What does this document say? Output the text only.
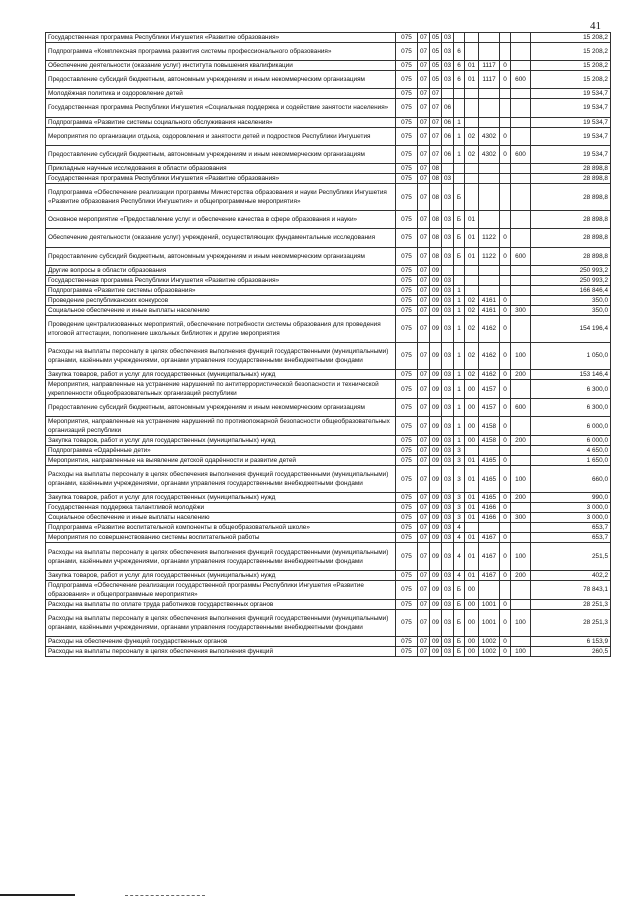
41
Государственная программа Республики Ингушетия «Развитие образования»	075	07	05	03						15 208,2
Подпрограмма «Комплексная программа развития системы профессионального образования»	075	07	05	03	6					15 208,2
Обеспечение деятельности (оказание услуг) институтa повышения квалификации	075	07	05	03	6	01	1117	0		15 208,2
Предоставление субсидий бюджетным, автономным учреждениям и иным некоммерческим организациям	075	07	05	03	6	01	1117	0	600	15 208,2
Молодёжная политика и оздоровление детей	075	07	07							19 534,7
Государственная программа Республики Ингушетия «Социальная поддержка и содействие занятости населения»	075	07	07	06						19 534,7
Подпрограмма «Развитие системы социального обслуживания населения»	075	07	07	06	1					19 534,7
Мероприятия по организации отдыха, оздоровления и занятости детей и подростков Республики Ингушетия	075	07	07	06	1	02	4302	0		19 534,7
Предоставление субсидий бюджетным, автономным учреждениям и иным некоммерческим организациям	075	07	07	06	1	02	4302	0	600	19 534,7
Прикладные научные исследования в области образования	075	07	08							28 898,8
Государственная программа Республики Ингушетия «Развитие образования»	075	07	08	03						28 898,8
Подпрограмма «Обеспечение реализации программы Министерства образования и науки Республики Ингушетия «Развитие образования Республики Ингушетия» и общепрограммные мероприятия»	075	07	08	03	Б					28 898,8
Основное мероприятие «Предоставление услуг и обеспечение качества в сфере образования и науки»	075	07	08	03	Б	01				28 898,8
Обеспечение деятельности (оказание услуг) учреждений, осуществляющих фундаментальные исследования	075	07	08	03	Б	01	1122	0		28 898,8
Предоставление субсидий бюджетным, автономным учреждениям и иным некоммерческим организациям	075	07	08	03	Б	01	1122	0	600	28 898,8
Другие вопросы в области образования	075	07	09							250 993,2
Государственная программа Республики Ингушетия «Развитие образования»	075	07	09	03						250 993,2
Подпрограмма «Развитие системы образования»	075	07	09	03	1					166 846,4
Проведение республиканских конкурсов	075	07	09	03	1	02	4161	0		350,0
Социальное обеспечение и иные выплаты населению	075	07	09	03	1	02	4161	0	300	350,0
Проведение централизованных мероприятий, обеспечение потребности системы образования для проведения итоговой аттестации, пополнение школьных библиотек и другие мероприятия	075	07	09	03	1	02	4162	0		154 196,4
Расходы на выплаты персоналу в целях обеспечения выполнения функций государственными (муниципальными) органами, казёнными учреждениями, органами управления государственными внебюджетными фондами	075	07	09	03	1	02	4162	0	100	1 050,0
Закупка товаров, работ и услуг для государственных (муниципальных) нужд	075	07	09	03	1	02	4162	0	200	153 146,4
Мероприятия, направленные на устранение нарушений по антитеррористической безопасности и технической укрепленности общеобразовательных организаций республики	075	07	09	03	1	00	4157	0		6 300,0
Предоставление субсидий бюджетным, автономным учреждениям и иным некоммерческим организациям	075	07	09	03	1	00	4157	0	600	6 300,0
Мероприятия, направленные на устранение нарушений по противопожарной безопасности общеобразовательных организаций республики	075	07	09	03	1	00	4158	0		6 000,0
Закупка товаров, работ и услуг для государственных (муниципальных) нужд	075	07	09	03	1	00	4158	0	200	6 000,0
Подпрограмма «Одарённые дети»	075	07	09	03	3					4 650,0
Мероприятия, направленные на выявление детской одарённости и развитие детей	075	07	09	03	3	01	4165	0		1 650,0
Расходы на выплаты персоналу в целях обеспечения выполнения функций государственными (муниципальными) органами, казёнными учреждениями, органами управления государственными внебюджетными фондами	075	07	09	03	3	01	4165	0	100	660,0
Закупка товаров, работ и услуг для государственных (муниципальных) нужд	075	07	09	03	3	01	4165	0	200	990,0
Государственная поддержка талантливой молодёжи	075	07	09	03	3	01	4166	0		3 000,0
Социальное обеспечение и иные выплаты населению	075	07	09	03	3	01	4166	0	300	3 000,0
Подпрограмма «Развитие воспитательной компоненты в общеобразовательной школе»	075	07	09	03	4					653,7
Мероприятия по совершенствованию системы воспитательной работы	075	07	09	03	4	01	4167	0		653,7
Расходы на выплаты персоналу в целях обеспечения выполнения функций государственными (муниципальными) органами, казёнными учреждениями, органами управления государственными внебюджетными фондами	075	07	09	03	4	01	4167	0	100	251,5
Закупка товаров, работ и услуг для государственных (муниципальных) нужд	075	07	09	03	4	01	4167	0	200	402,2
Подпрограмма «Обеспечение реализации государственной программы Республики Ингушетия «Развитие образования» и общепрограммные мероприятия»	075	07	09	03	Б	00				78 843,1
Расходы на выплаты по оплате труда работников государственных органов	075	07	09	03	Б	00	1001	0		28 251,3
Расходы на выплаты персоналу в целях обеспечения выполнения функций государственными (муниципальными) органами, казёнными учреждениями, органами управления государственными внебюджетными фондами	075	07	09	03	Б	00	1001	0	100	28 251,3
Расходы на обеспечение функций государственных органов	075	07	09	03	Б	00	1002	0		6 153,9
Расходы на выплаты персоналу в целях обеспечения выполнения функций	075	07	09	03	Б	00	1002	0	100	260,5
